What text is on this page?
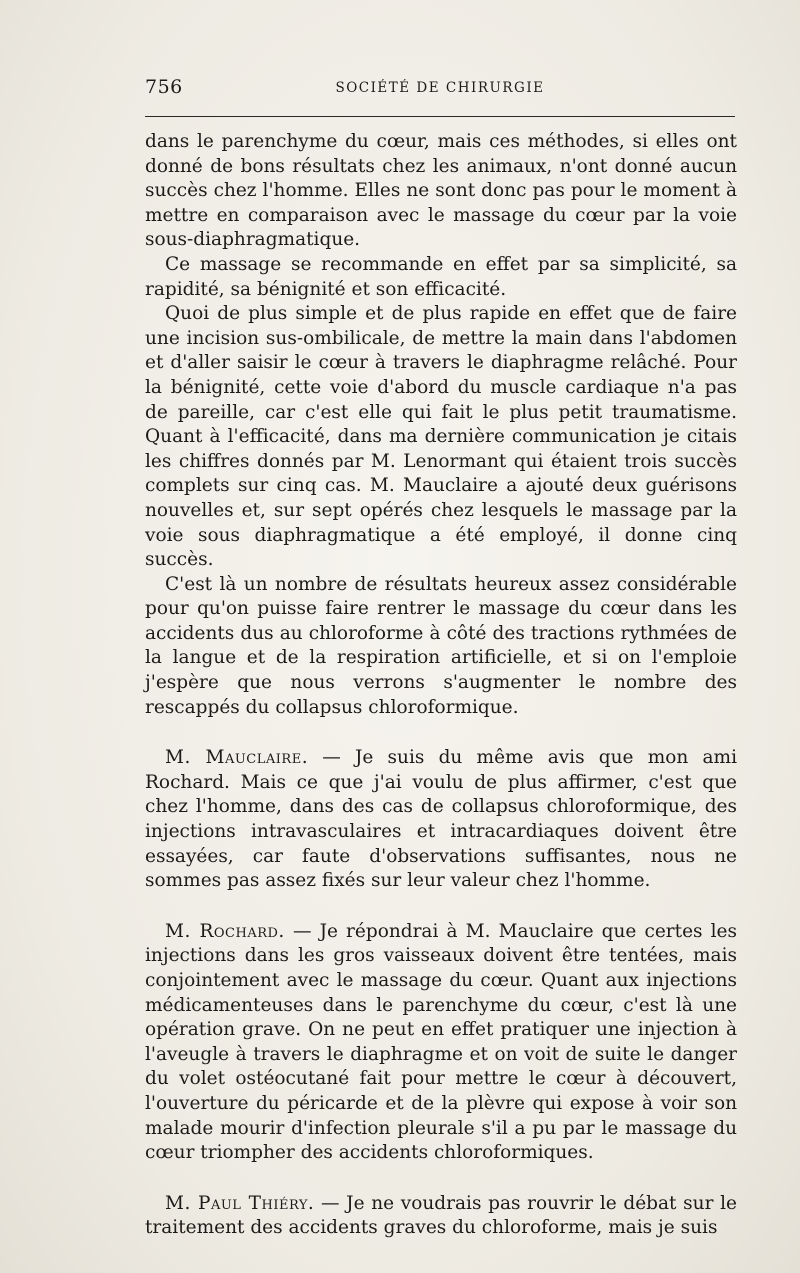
756	SOCIÉTÉ DE CHIRURGIE

dans le parenchyme du cœur, mais ces méthodes, si elles ont donné de bons résultats chez les animaux, n'ont donné aucun succès chez l'homme. Elles ne sont donc pas pour le moment à mettre en comparaison avec le massage du cœur par la voie sous-diaphragmatique.

Ce massage se recommande en effet par sa simplicité, sa rapidité, sa bénignité et son efficacité.

Quoi de plus simple et de plus rapide en effet que de faire une incision sus-ombilicale, de mettre la main dans l'abdomen et d'aller saisir le cœur à travers le diaphragme relâché. Pour la bénignité, cette voie d'abord du muscle cardiaque n'a pas de pareille, car c'est elle qui fait le plus petit traumatisme. Quant à l'efficacité, dans ma dernière communication je citais les chiffres donnés par M. Lenormant qui étaient trois succès complets sur cinq cas. M. Mauclaire a ajouté deux guérisons nouvelles et, sur sept opérés chez lesquels le massage par la voie sous diaphragmatique a été employé, il donne cinq succès.

C'est là un nombre de résultats heureux assez considérable pour qu'on puisse faire rentrer le massage du cœur dans les accidents dus au chloroforme à côté des tractions rythmées de la langue et de la respiration artificielle, et si on l'emploie j'espère que nous verrons s'augmenter le nombre des rescappés du collapsus chloroformique.

M. Mauclaire. — Je suis du même avis que mon ami Rochard. Mais ce que j'ai voulu de plus affirmer, c'est que chez l'homme, dans des cas de collapsus chloroformique, des injections intravasculaires et intracardiaques doivent être essayées, car faute d'observations suffisantes, nous ne sommes pas assez fixés sur leur valeur chez l'homme.

M. Rochard. — Je répondrai à M. Mauclaire que certes les injections dans les gros vaisseaux doivent être tentées, mais conjointement avec le massage du cœur. Quant aux injections médicamenteuses dans le parenchyme du cœur, c'est là une opération grave. On ne peut en effet pratiquer une injection à l'aveugle à travers le diaphragme et on voit de suite le danger du volet ostéocutané fait pour mettre le cœur à découvert, l'ouverture du péricarde et de la plèvre qui expose à voir son malade mourir d'infection pleurale s'il a pu par le massage du cœur triompher des accidents chloroformiques.

M. Paul Thiéry. — Je ne voudrais pas rouvrir le débat sur le traitement des accidents graves du chloroforme, mais je suis
